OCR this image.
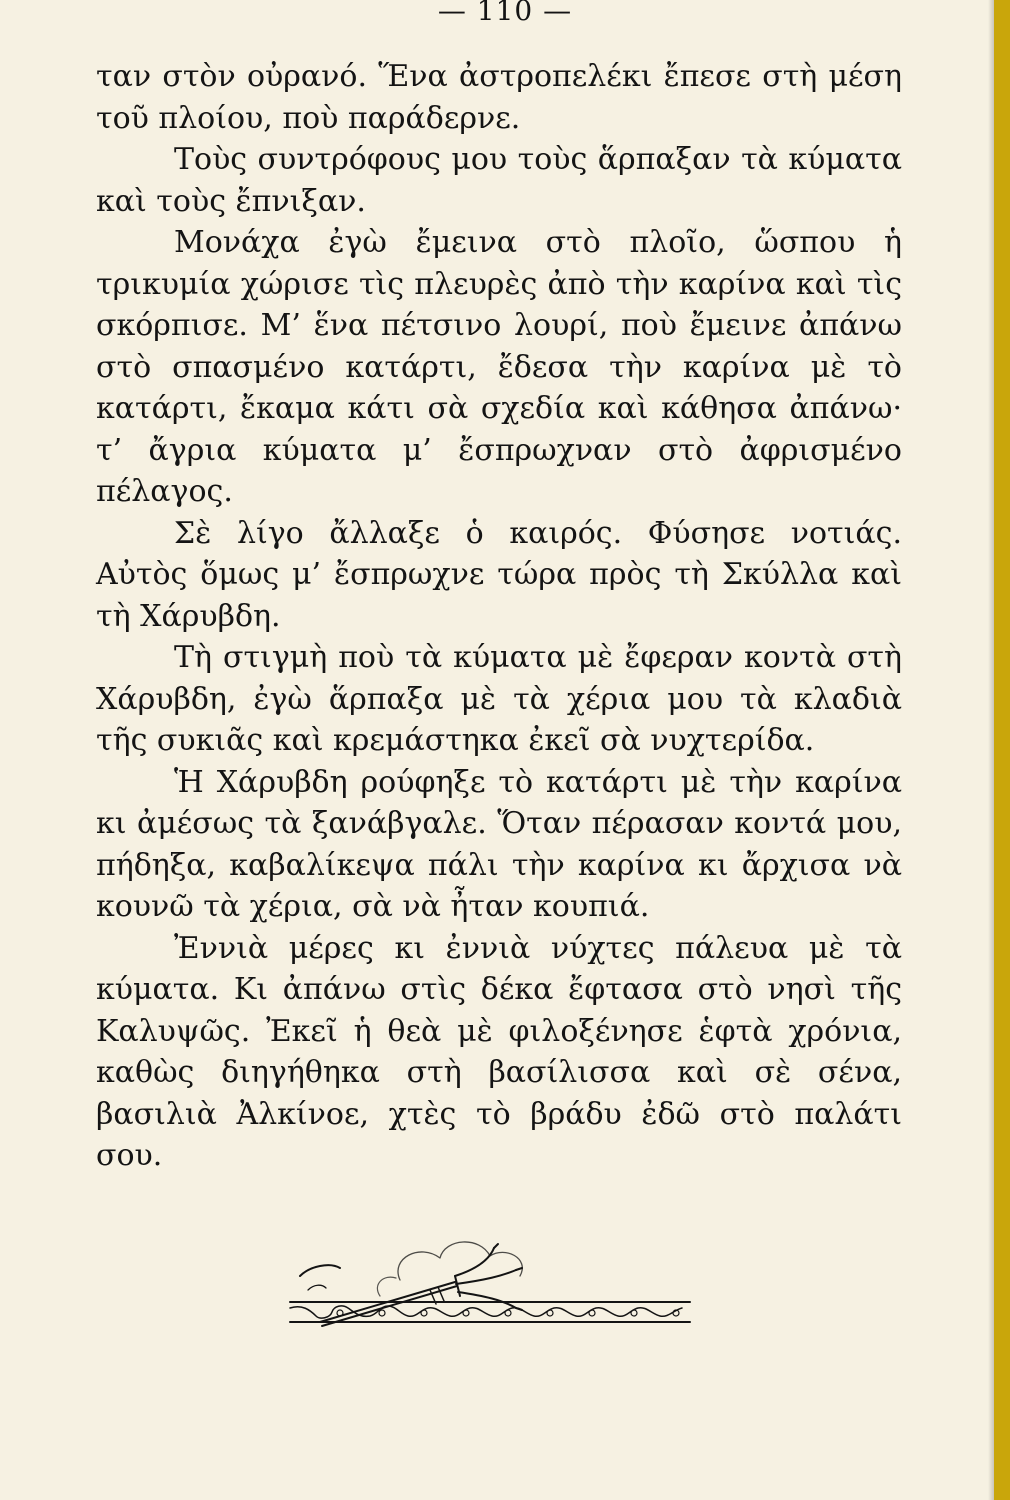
— 110 —

ταν στὸν οὐρανό. Ἕνα ἀστροπελέκι ἔπεσε στὴ μέση τοῦ πλοίου, ποὺ παράδερνε.

Τοὺς συντρόφους μου τοὺς ἅρπαξαν τὰ κύματα καὶ τοὺς ἔπνιξαν.

Μονάχα ἐγὼ ἔμεινα στὸ πλοῖο, ὥσπου ἡ τρικυμία χώρισε τὶς πλευρὲς ἀπὸ τὴν καρίνα καὶ τὶς σκόρπισε. Μ’ ἕνα πέτσινο λουρί, ποὺ ἔμεινε ἀπάνω στὸ σπασμένο κατάρτι, ἔδεσα τὴν καρίνα μὲ τὸ κατάρτι, ἔκαμα κάτι σὰ σχεδία καὶ κάθησα ἀπάνω· τ’ ἄγρια κύματα μ’ ἔσπρωχναν στὸ ἀφρισμένο πέλαγος.

Σὲ λίγο ἄλλαξε ὁ καιρός. Φύσησε νοτιάς. Αὐτὸς ὅμως μ’ ἔσπρωχνε τώρα πρὸς τὴ Σκύλλα καὶ τὴ Χάρυβδη.

Τὴ στιγμὴ ποὺ τὰ κύματα μὲ ἔφεραν κοντὰ στὴ Χάρυβδη, ἐγὼ ἅρπαξα μὲ τὰ χέρια μου τὰ κλαδιὰ τῆς συκιᾶς καὶ κρεμάστηκα ἐκεῖ σὰ νυχτερίδα.

Ἡ Χάρυβδη ρούφηξε τὸ κατάρτι μὲ τὴν καρίνα κι ἀμέσως τὰ ξανάβγαλε. Ὅταν πέρασαν κοντά μου, πήδηξα, καβαλίκεψα πάλι τὴν καρίνα κι ἄρχισα νὰ κουνῶ τὰ χέρια, σὰ νὰ ἦταν κουπιά.

Ἐννιὰ μέρες κι ἐννιὰ νύχτες πάλευα μὲ τὰ κύματα. Κι ἀπάνω στὶς δέκα ἔφτασα στὸ νησὶ τῆς Καλυψῶς. Ἐκεῖ ἡ θεὰ μὲ φιλοξένησε ἑφτὰ χρόνια, καθὼς διηγήθηκα στὴ βασίλισσα καὶ σὲ σένα, βασιλιὰ Ἀλκίνοε, χτὲς τὸ βράδυ ἐδῶ στὸ παλάτι σου.
